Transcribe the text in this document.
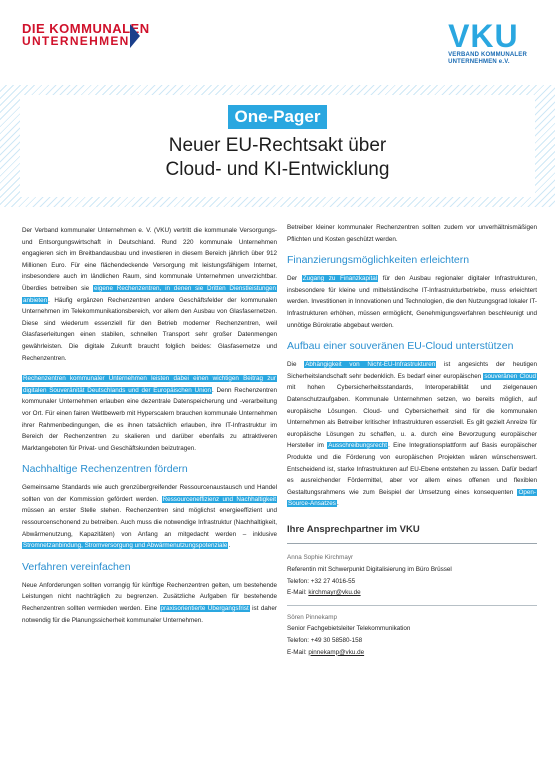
DIE KOMMUNALEN
UNTERNEHMEN	VKU
VERBAND KOMMUNALER
UNTERNEHMEN e.V.
One-Pager
Neuer EU-Rechtsakt über
Cloud- und KI-Entwicklung

Der Verband kommunaler Unternehmen e. V. (VKU) vertritt die kommunale Versorgungs- und Entsorgungswirtschaft in Deutschland. Rund 220 kommunale Unternehmen engagieren sich im Breitbandausbau und investieren in diesem Bereich jährlich über 912 Millionen Euro. Für eine flächendeckende Versorgung mit leistungsfähigem Internet, insbesondere auch im ländlichen Raum, sind kommunale Unternehmen unverzichtbar. Überdies betreiben sie eigene Rechenzentren, in denen sie Dritten Dienstleistungen anbieten. Häufig ergänzen Rechenzentren andere Geschäftsfelder der kommunalen Unternehmen im Telekommunikationsbereich, vor allem den Ausbau von Glasfasernetzen. Diese sind wiederum essenziell für den Betrieb moderner Rechenzentren, weil Glasfaserleitungen einen stabilen, schnellen Transport sehr großer Datenmengen gewährleisten. Die digitale Zukunft braucht folglich beides: Glasfasernetze und Rechenzentren.

Rechenzentren kommunaler Unternehmen leisten dabei einen wichtigen Beitrag zur digitalen Souveränität Deutschlands und der Europäischen Union. Denn Rechenzentren kommunaler Unternehmen erlauben eine dezentrale Datenspeicherung und -verarbeitung vor Ort. Für einen fairen Wettbewerb mit Hyperscalern brauchen kommunale Unternehmen ihrer Rahmenbedingungen, die es ihnen tatsächlich erlauben, ihre IT-Infrastruktur im Bereich der Rechenzentren zu skalieren und darüber ebenfalls zu attraktiveren Marktangeboten für Privat- und Geschäftskunden beizutragen.

Nachhaltige Rechenzentren fördern

Gemeinsame Standards wie auch grenzübergreifender Ressourcenaustausch und Handel sollten von der Kommission gefördert werden. Ressourceneffizienz und Nachhaltigkeit müssen an erster Stelle stehen. Rechenzentren sind möglichst energieeffizient und ressourcenschonend zu betreiben. Auch muss die notwendige Infrastruktur (Nachhaltigkeit, Abwärmenutzung, Kapazitäten) von Anfang an mitgedacht werden – inklusive Stromnetzanbindung, Stromversorgung und Abwärmenutzungspotenziale.

Verfahren vereinfachen

Neue Anforderungen sollten vorrangig für künftige Rechenzentren gelten, um bestehende Leistungen nicht nachträglich zu begrenzen. Zusätzliche Aufgaben für bestehende Rechenzentren sollten vermieden werden. Eine praxisorientierte Übergangsfrist ist daher notwendig für die Planungssicherheit kommunaler Unternehmen.

Betreiber kleiner kommunaler Rechenzentren sollten zudem vor unverhältnismäßigen Pflichten und Kosten geschützt werden.

Finanzierungsmöglichkeiten erleichtern

Der Zugang zu Finanzkapital für den Ausbau regionaler digitaler Infrastrukturen, insbesondere für kleine und mittelständische IT-Infrastrukturbetriebe, muss erleichtert werden. Investitionen in Innovationen und Technologien, die den Nutzungsgrad lokaler IT-Infrastrukturen erhöhen, müssen ermöglicht, Genehmigungsverfahren beschleunigt und unnötige Bürokratie abgebaut werden.

Aufbau einer souveränen EU-Cloud unterstützen

Die Abhängigkeit von Nicht-EU-Infrastrukturen ist angesichts der heutigen Sicherheitslandschaft sehr bedenklich. Es bedarf einer europäischen souveränen Cloud mit hohen Cybersicherheitsstandards, Interoperabilität und zielgenauen Datenschutzaufgaben. Kommunale Unternehmen setzen, wo bereits möglich, auf europäische Lösungen. Cloud- und Cybersicherheit sind für die kommunalen Unternehmen als Betreiber kritischer Infrastrukturen essenziell. Es gilt gezielt Anreize für europäische Lösungen zu schaffen, u. a. durch eine Bevorzugung europäischer Hersteller im Ausschreibungsrecht. Eine Integrationsplattform auf Basis europäischer Produkte und die Förderung von europäischen Projekten wären wünschenswert. Entscheidend ist, starke Infrastrukturen auf EU-Ebene entstehen zu lassen. Dafür bedarf es ausreichender Fördermittel, aber vor allem eines offenen und flexiblen Gestaltungsrahmens wie zum Beispiel der Umsetzung eines konsequenten Open-Source-Ansatzes.

Ihre Ansprechpartner im VKU
Anna Sophie Kirchmayr
Referentin mit Schwerpunkt Digitalisierung im Büro Brüssel
Telefon: +32 27 4016-55
E-Mail: kirchmayr@vku.de
Sören Pinnekamp
Senior Fachgebietsleiter Telekommunikation
Telefon: +49 30 58580-158
E-Mail: pinnekamp@vku.de
